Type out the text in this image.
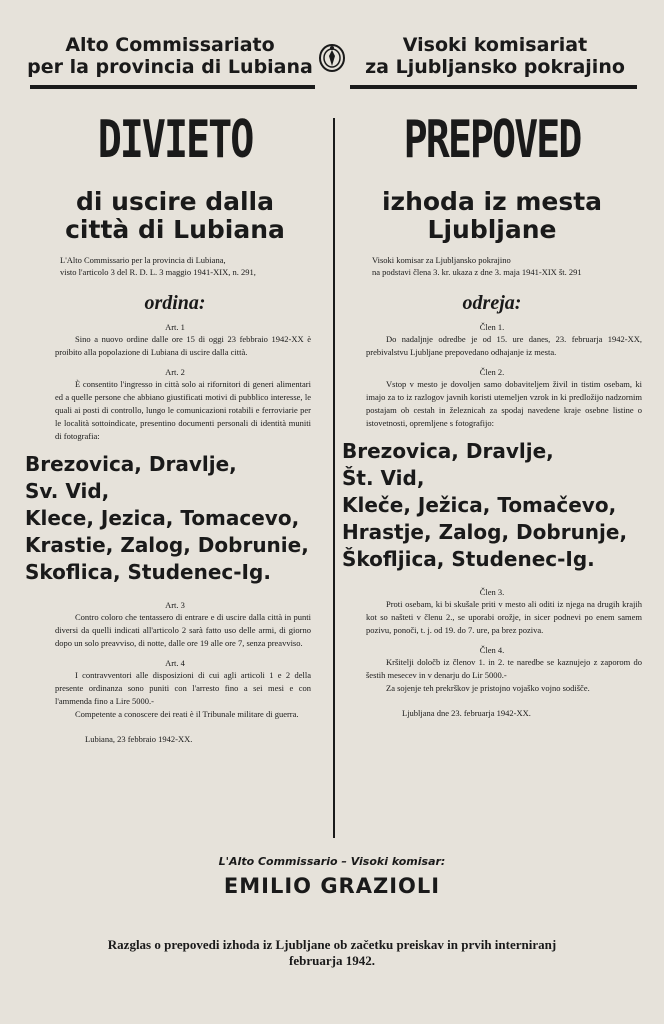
Alto Commissariato
per la provincia di Lubiana
Visoki komisariat
za Ljubljansko pokrajino
DIVIETO
di uscire dalla
città di Lubiana
L'Alto Commissario per la provincia di Lubiana,
visto l'articolo 3 del R. D. L. 3 maggio 1941-XIX, n. 291,
ordina:
Art. 1
Sino a nuovo ordine dalle ore 15 di oggi 23 febbraio 1942-XX è proibito alla popolazione di Lubiana di uscire dalla città.
Art. 2
È consentito l'ingresso in città solo ai rifornitori di generi alimentari ed a quelle persone che abbiano giustificati motivi di pubblico interesse, le quali ai posti di controllo, lungo le comunicazioni rotabili e ferroviarie per le località sottoindicate, presentino documenti personali di identità muniti di fotografia:
Brezovica, Dravlje, Sv. Vid,
Klece, Jezica, Tomacevo,
Krastie, Zalog, Dobrunie,
Skoflica, Studenec-Ig.
Art. 3
Contro coloro che tentassero di entrare e di uscire dalla città in punti diversi da quelli indicati all'articolo 2 sarà fatto uso delle armi, di giorno dopo un solo preavviso, di notte, dalle ore 19 alle ore 7, senza preavviso.
Art. 4
I contravventori alle disposizioni di cui agli articoli 1 e 2 della presente ordinanza sono puniti con l'arresto fino a sei mesi e con l'ammenda fino a Lire 5000.-
Competente a conoscere dei reati è il Tribunale militare di guerra.
Lubiana, 23 febbraio 1942-XX.
PREPOVED
izhoda iz mesta
Ljubljane
Visoki komisar za Ljubljansko pokrajino
na podstavi člena 3. kr. ukaza z dne 3. maja 1941-XIX št. 291
odreja:
Člen 1.
Do nadaljnje odredbe je od 15. ure danes, 23. februarja 1942-XX, prebivalstvu Ljubljane prepovedano odhajanje iz mesta.
Člen 2.
Vstop v mesto je dovoljen samo dobaviteljem živil in tistim osebam, ki imajo za to iz razlogov javnih koristi utemeljen vzrok in ki predložijo nadzornim postajam ob cestah in železnicah za spodaj navedene kraje osebne listine o istovetnosti, opremljene s fotografijo:
Brezovica, Dravlje, Št. Vid,
Kleče, Ježica, Tomačevo,
Hrastje, Zalog, Dobrunje,
Škofljica, Studenec-Ig.
Člen 3.
Proti osebam, ki bi skušale priti v mesto ali oditi iz njega na drugih krajih kot so našteti v členu 2., se uporabi orožje, in sicer podnevi po enem samem pozivu, ponoči, t. j. od 19. do 7. ure, pa brez poziva.
Člen 4.
Kršitelji določb iz členov 1. in 2. te naredbe se kaznujejo z zaporom do šestih mesecev in v denarju do Lir 5000.-
Za sojenje teh prekrškov je pristojno vojaško vojno sodišče.
Ljubljana dne 23. februarja 1942-XX.
L'Alto Commissario – Visoki komisar:
EMILIO GRAZIOLI
Razglas o prepovedi izhoda iz Ljubljane ob začetku preiskav in prvih interniranj
februarja 1942.
